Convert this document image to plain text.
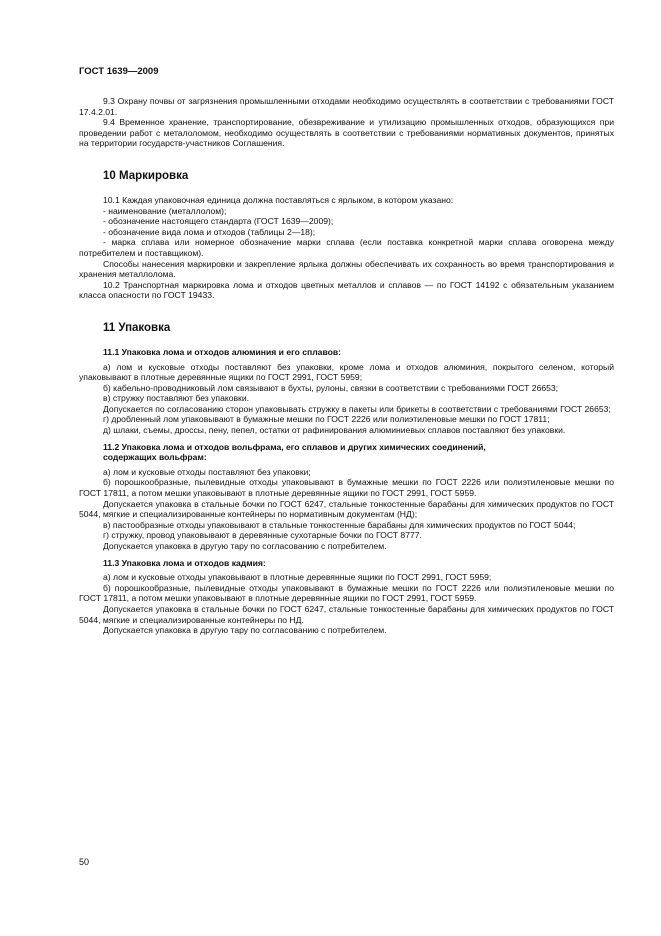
ГОСТ 1639—2009

9.3 Охрану почвы от загрязнения промышленными отходами необходимо осуществлять в соответствии с требованиями ГОСТ 17.4.2.01.

9.4 Временное хранение, транспортирование, обезвреживание и утилизацию промышленных отходов, образующихся при проведении работ с металоломом, необходимо осуществлять в соответствии с требованиями нормативных документов, принятых на территории государств-участников Соглашения.

10 Маркировка

10.1 Каждая упаковочная единица должна поставляться с ярлыком, в котором указано:

- наименование (металлолом);

- обозначение настоящего стандарта (ГОСТ 1639—2009);

- обозначение вида лома и отходов (таблицы 2—18);

- марка сплава или номерное обозначение марки сплава (если поставка конкретной марки сплава оговорена между потребителем и поставщиком).

Способы нанесения маркировки и закрепление ярлыка должны обеспечивать их сохранность во время транспортирования и хранения металлолома.

10.2 Транспортная маркировка лома и отходов цветных металлов и сплавов — по ГОСТ 14192 с обязательным указанием класса опасности по ГОСТ 19433.

11 Упаковка
11.1 Упаковка лома и отходов алюминия и его сплавов:

а) лом и кусковые отходы поставляют без упаковки, кроме лома и отходов алюминия, покрытого селеном, который упаковывают в плотные деревянные ящики по ГОСТ 2991, ГОСТ 5959;

б) кабельно-проводниковый лом связывают в бухты, рулоны, связки в соответствии с требованиями ГОСТ 26653;

в) стружку поставляют без упаковки.

Допускается по согласованию сторон упаковывать стружку в пакеты или брикеты в соответствии с требованиями ГОСТ 26653;

г) дробленный лом упаковывают в бумажные мешки по ГОСТ 2226 или полиэтиленовые мешки по ГОСТ 17811;

д) шлаки, съемы, дроссы, пену, пепел, остатки от рафинирования алюминиевых сплавов поставляют без упаковки.

11.2 Упаковка лома и отходов вольфрама, его сплавов и других химических соединений,
содержащих вольфрам:

а) лом и кусковые отходы поставляют без упаковки;

б) порошкообразные, пылевидные отходы упаковывают в бумажные мешки по ГОСТ 2226 или полиэтиленовые мешки по ГОСТ 17811, а потом мешки упаковывают в плотные деревянные ящики по ГОСТ 2991, ГОСТ 5959.

Допускается упаковка в стальные бочки по ГОСТ 6247, стальные тонкостенные барабаны для химических продуктов по ГОСТ 5044, мягкие и специализированные контейнеры по нормативным документам (НД);

в) пастообразные отходы упаковывают в стальные тонкостенные барабаны для химических продуктов по ГОСТ 5044;

г) стружку, провод упаковывают в деревянные сухотарные бочки по ГОСТ 8777.

Допускается упаковка в другую тару по согласованию с потребителем.

11.3 Упаковка лома и отходов кадмия:

а) лом и кусковые отходы упаковывают в плотные деревянные ящики по ГОСТ 2991, ГОСТ 5959;

б) порошкообразные, пылевидные отходы упаковывают в бумажные мешки по ГОСТ 2226 или полиэтиленовые мешки по ГОСТ 17811, а потом мешки упаковывают в плотные деревянные ящики по ГОСТ 2991, ГОСТ 5959.

Допускается упаковка в стальные бочки по ГОСТ 6247, стальные тонкостенные барабаны для химических продуктов по ГОСТ 5044, мягкие и специализированные контейнеры по НД.

Допускается упаковка в другую тару по согласованию с потребителем.

50
